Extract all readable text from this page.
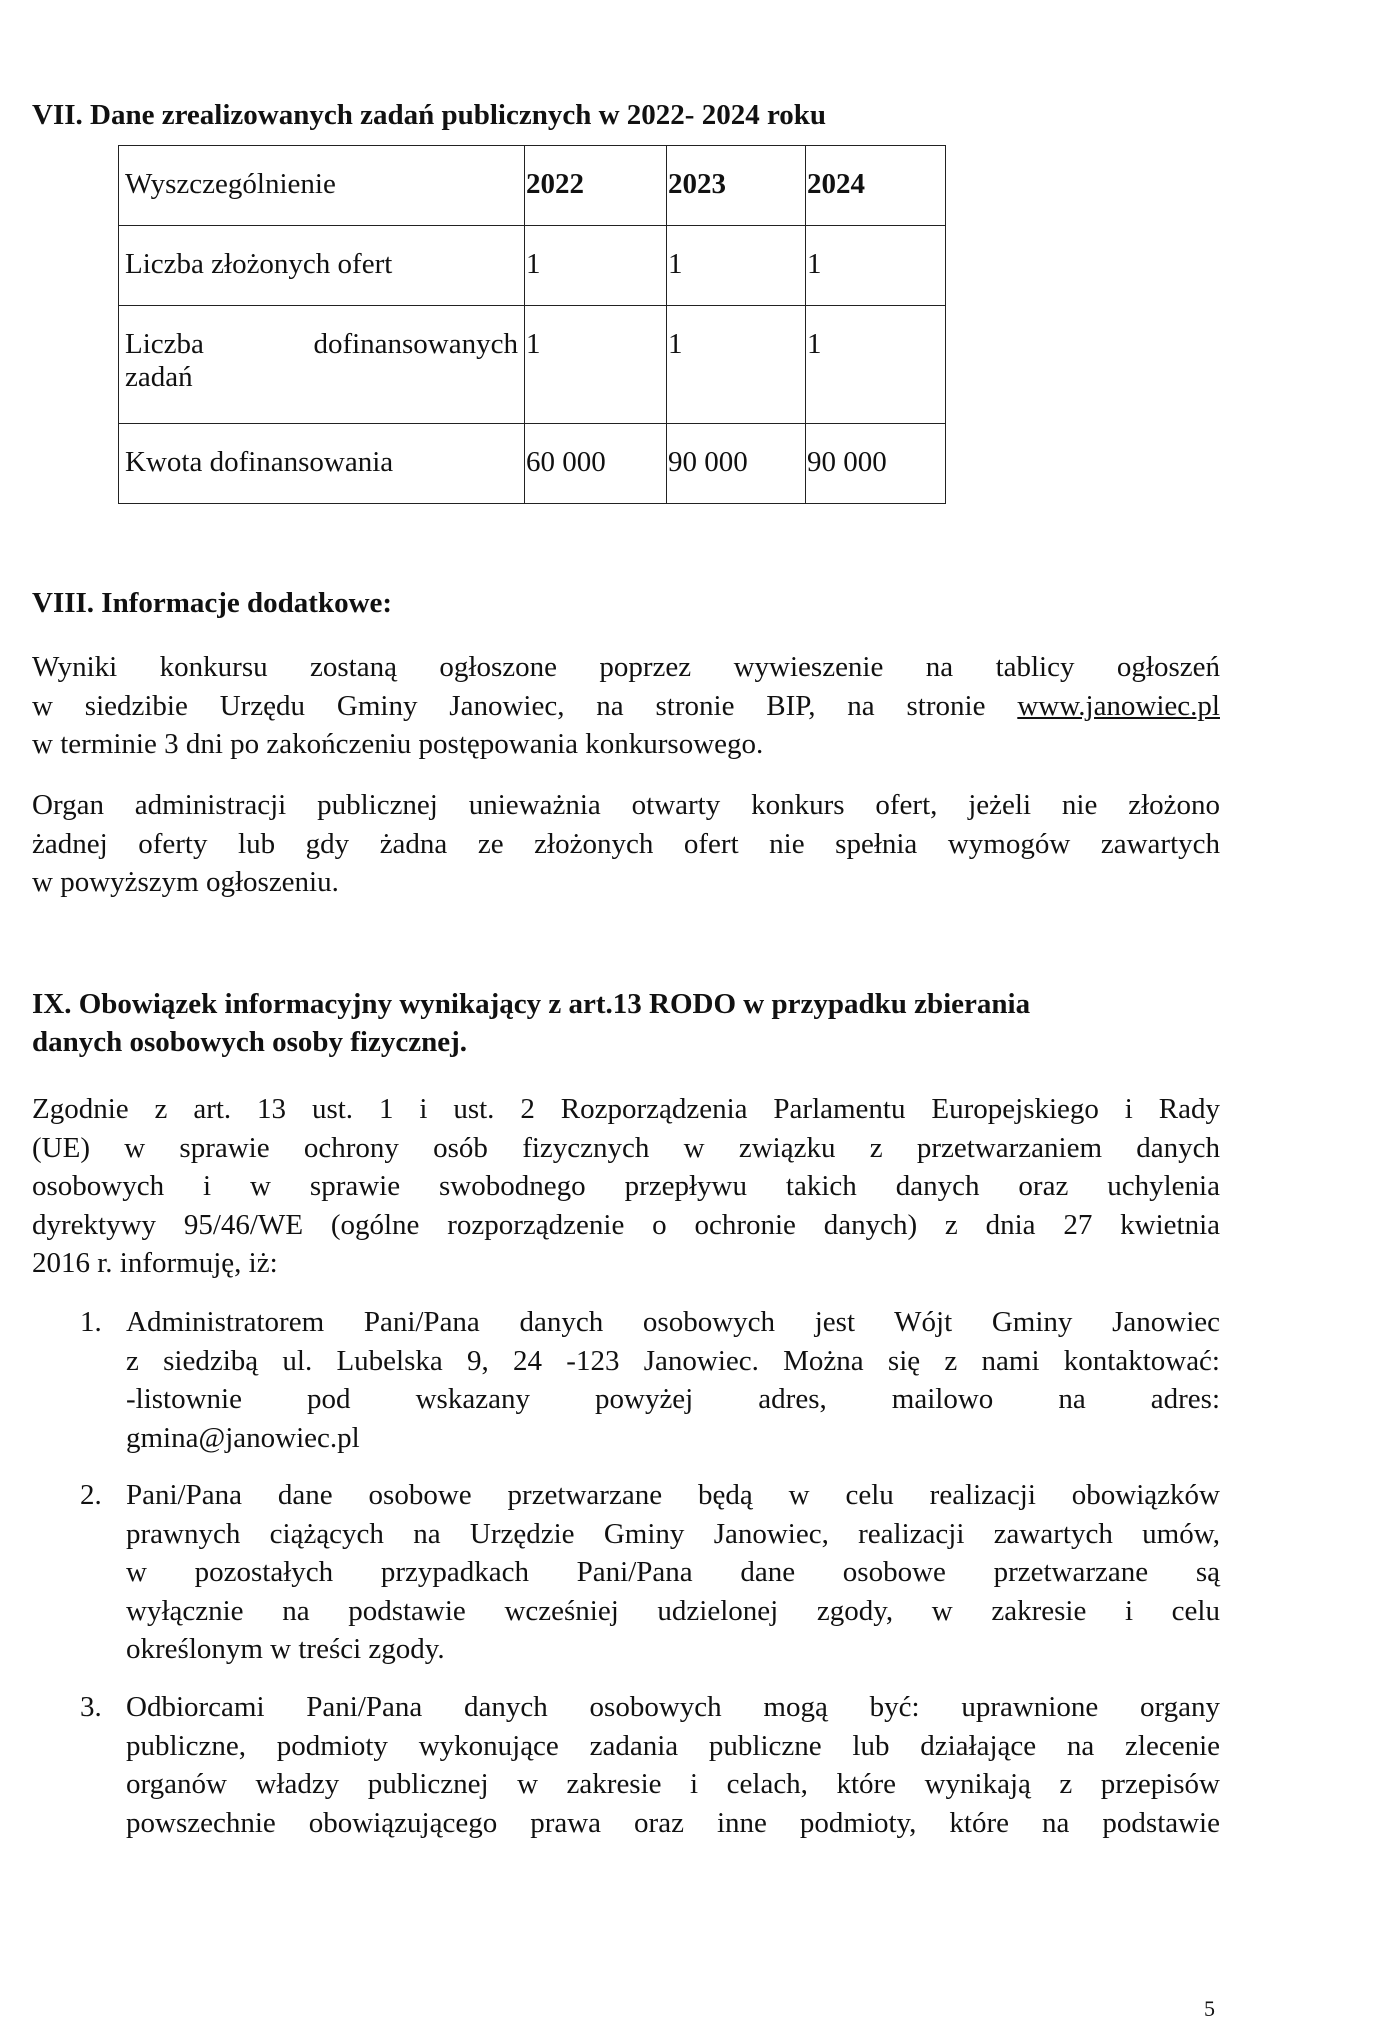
VII. Dane zrealizowanych zadań publicznych w 2022- 2024 roku
Wyszczególnienie	2022	2023	2024
Liczba złożonych ofert	1	1	1

Liczba dofinansowanych
zadań	1	1	1
Kwota dofinansowania	60 000	90 000	90 000
VIII. Informacje dodatkowe:

Wyniki konkursu zostaną ogłoszone poprzez wywieszenie na tablicy ogłoszeń
w siedzibie Urzędu Gminy Janowiec, na stronie BIP, na stronie www.janowiec.pl
w terminie 3 dni po zakończeniu postępowania konkursowego.

Organ administracji publicznej unieważnia otwarty konkurs ofert, jeżeli nie złożono
żadnej oferty lub gdy żadna ze złożonych ofert nie spełnia wymogów zawartych
w powyższym ogłoszeniu.

IX. Obowiązek informacyjny wynikający z art.13 RODO w przypadku zbierania
danych osobowych osoby fizycznej.

Zgodnie z art. 13 ust. 1 i ust. 2 Rozporządzenia Parlamentu Europejskiego i Rady
(UE) w sprawie ochrony osób fizycznych w związku z przetwarzaniem danych
osobowych i w sprawie swobodnego przepływu takich danych oraz uchylenia
dyrektywy 95/46/WE (ogólne rozporządzenie o ochronie danych) z dnia 27 kwietnia
2016 r. informuję, iż:

1. Administratorem Pani/Pana danych osobowych jest Wójt Gminy Janowiec
z siedzibą ul. Lubelska 9, 24 -123 Janowiec. Można się z nami kontaktować:
-listownie pod wskazany powyżej adres, mailowo na adres:
gmina@janowiec.pl
2. Pani/Pana dane osobowe przetwarzane będą w celu realizacji obowiązków
prawnych ciążących na Urzędzie Gminy Janowiec, realizacji zawartych umów,
w pozostałych przypadkach Pani/Pana dane osobowe przetwarzane są
wyłącznie na podstawie wcześniej udzielonej zgody, w zakresie i celu
określonym w treści zgody.
3. Odbiorcami Pani/Pana danych osobowych mogą być: uprawnione organy
publiczne, podmioty wykonujące zadania publiczne lub działające na zlecenie
organów władzy publicznej w zakresie i celach, które wynikają z przepisów
powszechnie obowiązującego prawa oraz inne podmioty, które na podstawie
5
